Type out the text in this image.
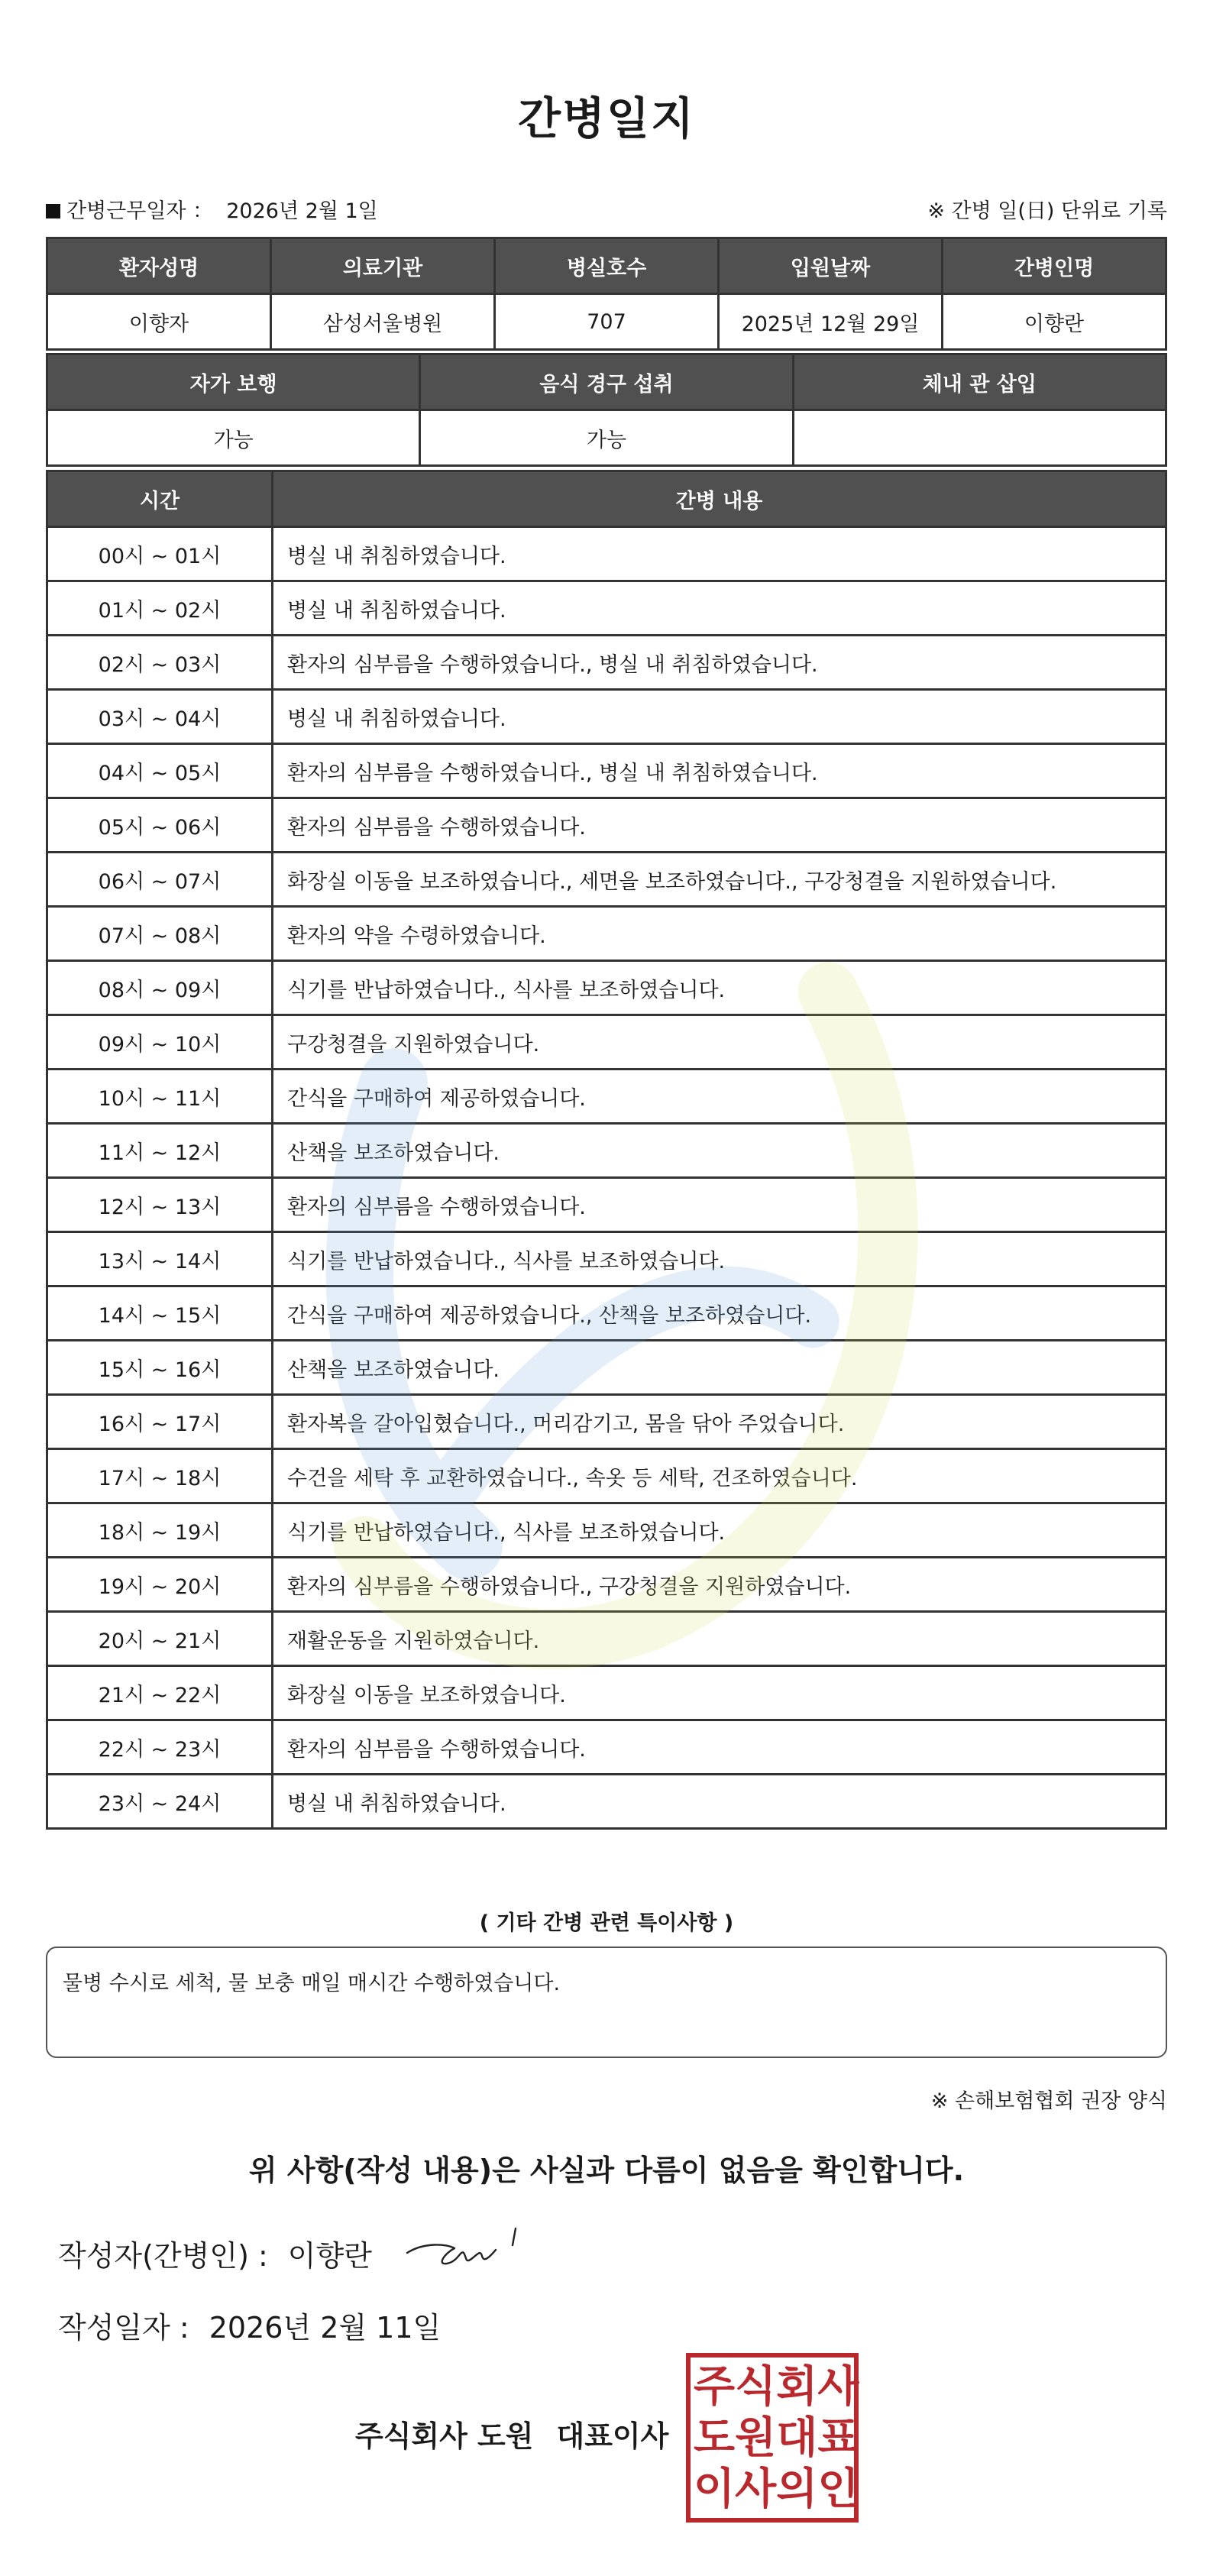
간병일지
간병근무일자 ： 2026년 2월 1일	※ 간병 일(日) 단위로 기록
환자성명	의료기관	병실호수	입원날짜	간병인명
이향자	삼성서울병원	707	2025년 12월 29일	이향란
자가 보행	음식 경구 섭취	체내 관 삽입
가능	가능	
시간	간병 내용
00시 ~ 01시	병실 내 취침하였습니다.
01시 ~ 02시	병실 내 취침하였습니다.
02시 ~ 03시	환자의 심부름을 수행하였습니다., 병실 내 취침하였습니다.
03시 ~ 04시	병실 내 취침하였습니다.
04시 ~ 05시	환자의 심부름을 수행하였습니다., 병실 내 취침하였습니다.
05시 ~ 06시	환자의 심부름을 수행하였습니다.
06시 ~ 07시	화장실 이동을 보조하였습니다., 세면을 보조하였습니다., 구강청결을 지원하였습니다.
07시 ~ 08시	환자의 약을 수령하였습니다.
08시 ~ 09시	식기를 반납하였습니다., 식사를 보조하였습니다.
09시 ~ 10시	구강청결을 지원하였습니다.
10시 ~ 11시	간식을 구매하여 제공하였습니다.
11시 ~ 12시	산책을 보조하였습니다.
12시 ~ 13시	환자의 심부름을 수행하였습니다.
13시 ~ 14시	식기를 반납하였습니다., 식사를 보조하였습니다.
14시 ~ 15시	간식을 구매하여 제공하였습니다., 산책을 보조하였습니다.
15시 ~ 16시	산책을 보조하였습니다.
16시 ~ 17시	환자복을 갈아입혔습니다., 머리감기고, 몸을 닦아 주었습니다.
17시 ~ 18시	수건을 세탁 후 교환하였습니다., 속옷 등 세탁, 건조하였습니다.
18시 ~ 19시	식기를 반납하였습니다., 식사를 보조하였습니다.
19시 ~ 20시	환자의 심부름을 수행하였습니다., 구강청결을 지원하였습니다.
20시 ~ 21시	재활운동을 지원하였습니다.
21시 ~ 22시	화장실 이동을 보조하였습니다.
22시 ~ 23시	환자의 심부름을 수행하였습니다.
23시 ~ 24시	병실 내 취침하였습니다.
( 기타 간병 관련 특이사항 )
물병 수시로 세척, 물 보충 매일 매시간 수행하였습니다.
※ 손해보험협회 권장 양식
위 사항(작성 내용)은 사실과 다름이 없음을 확인합니다.
작성자(간병인) : 이향란
작성일자 : 2026년 2월 11일
주식회사 도원 대표이사
주 식 회 사
도 원 대 표
이 사 의 인
